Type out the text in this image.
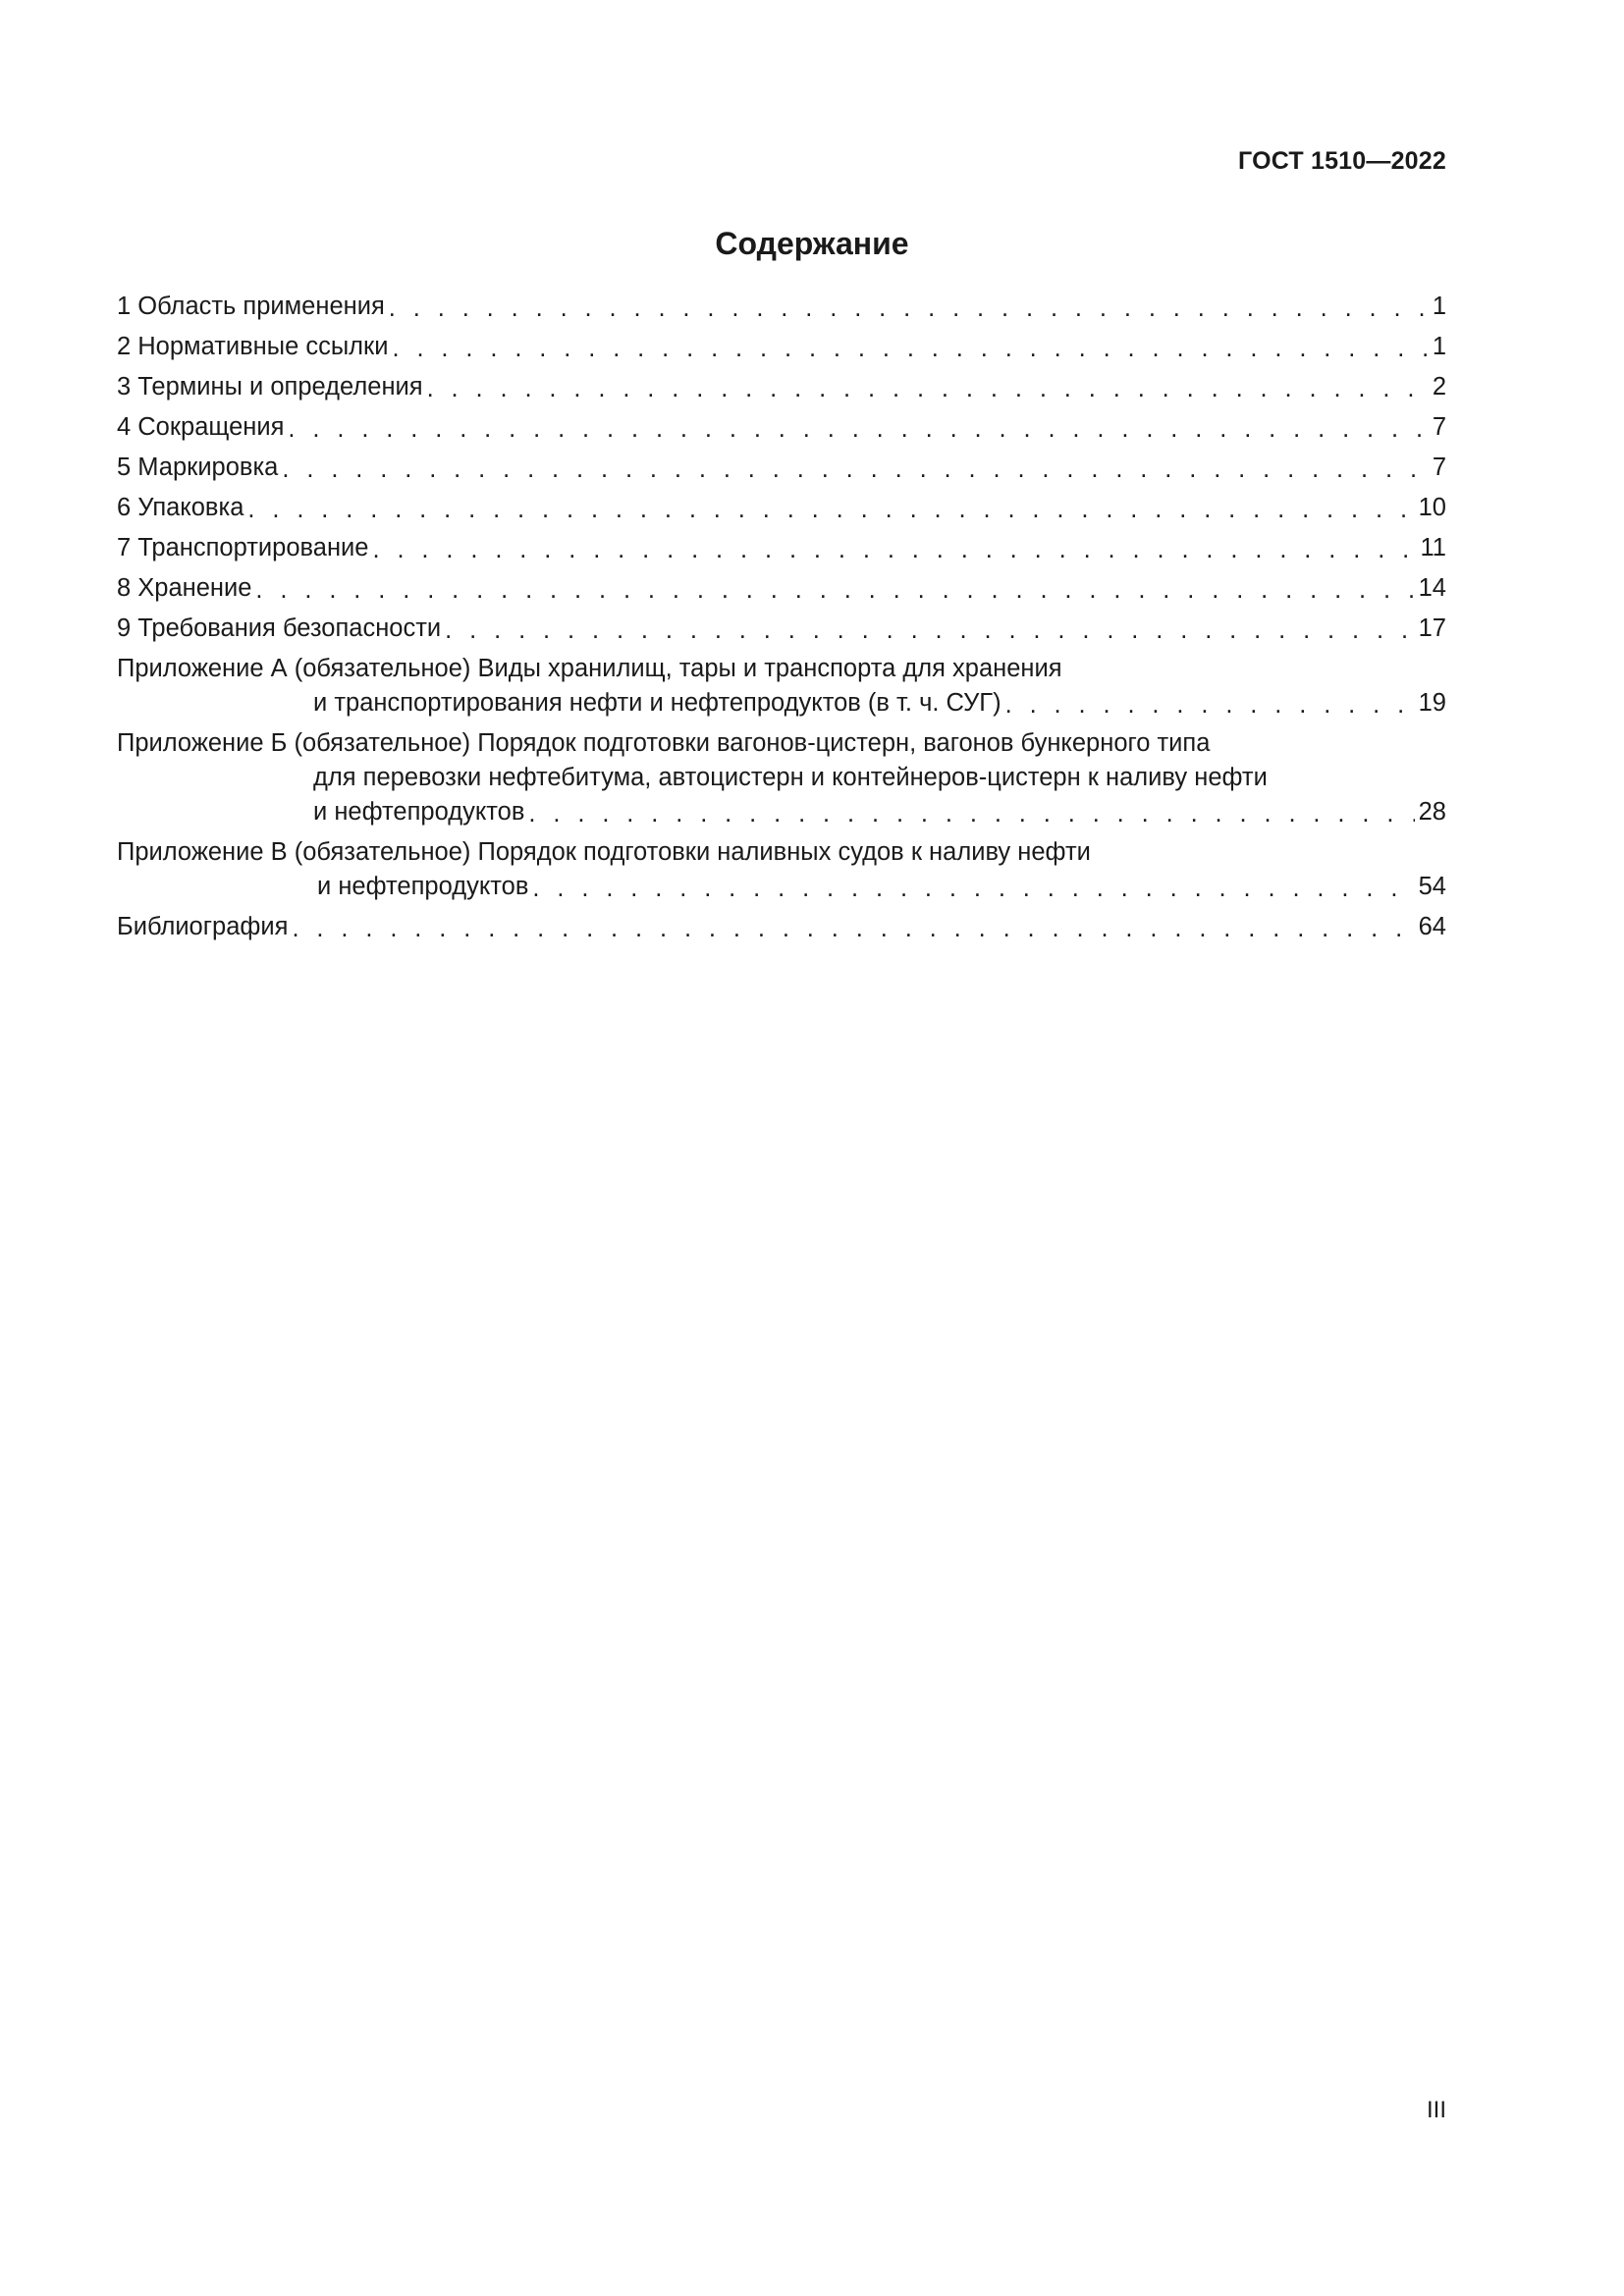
ГОСТ 1510—2022
Содержание
1 Область применения . . .	1
2 Нормативные ссылки . . .	1
3 Термины и определения . . .	2
4 Сокращения . . .	7
5 Маркировка . . .	7
6 Упаковка . . .	10
7 Транспортирование . . .	11
8 Хранение . . .	14
9 Требования безопасности . . .	17
Приложение А (обязательное) Виды хранилищ, тары и транспорта для хранения
и транспортирования нефти и нефтепродуктов (в т. ч. СУГ) . . .	19
Приложение Б (обязательное) Порядок подготовки вагонов-цистерн, вагонов бункерного типа
для перевозки нефтебитума, автоцистерн и контейнеров-цистерн к наливу нефти
и нефтепродуктов . . .	28
Приложение В (обязательное) Порядок подготовки наливных судов к наливу нефти
и нефтепродуктов . . .	54
Библиография . . .	64
III
